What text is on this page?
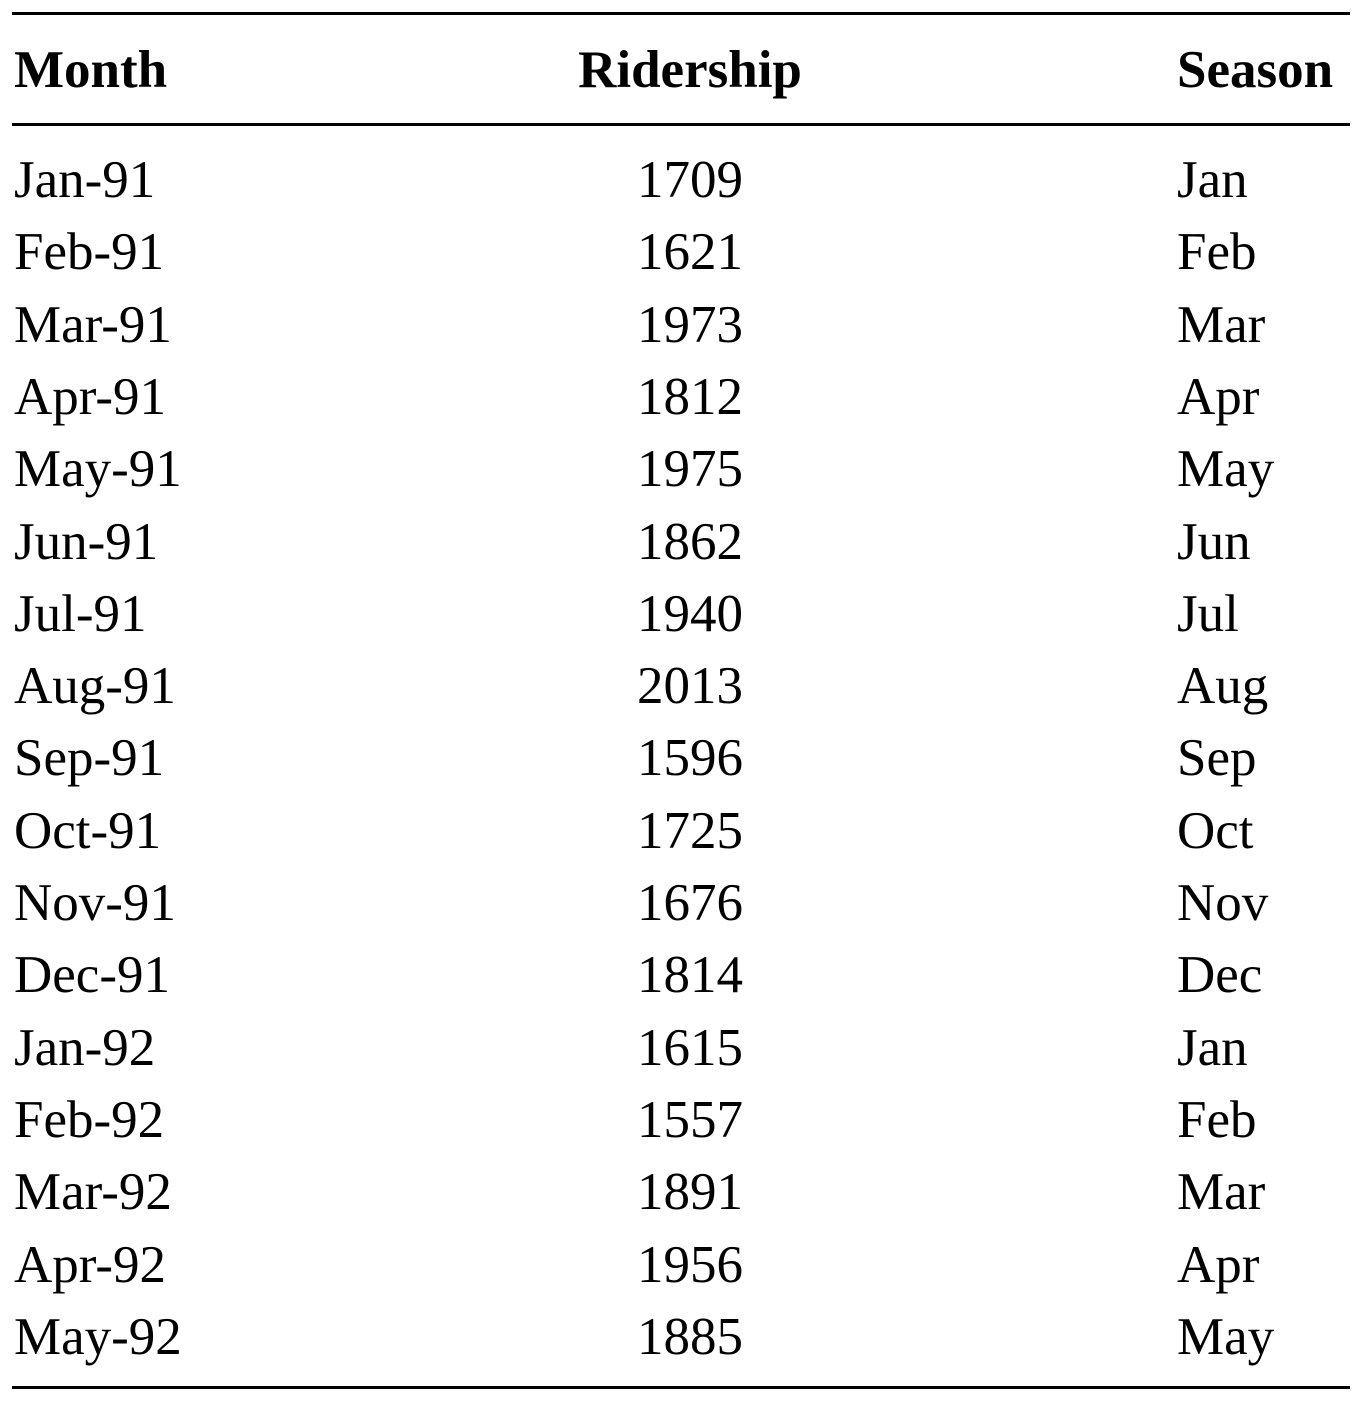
Month	Ridership	Season
Jan-91	1709	Jan
Feb-91	1621	Feb
Mar-91	1973	Mar
Apr-91	1812	Apr
May-91	1975	May
Jun-91	1862	Jun
Jul-91	1940	Jul
Aug-91	2013	Aug
Sep-91	1596	Sep
Oct-91	1725	Oct
Nov-91	1676	Nov
Dec-91	1814	Dec
Jan-92	1615	Jan
Feb-92	1557	Feb
Mar-92	1891	Mar
Apr-92	1956	Apr
May-92	1885	May
